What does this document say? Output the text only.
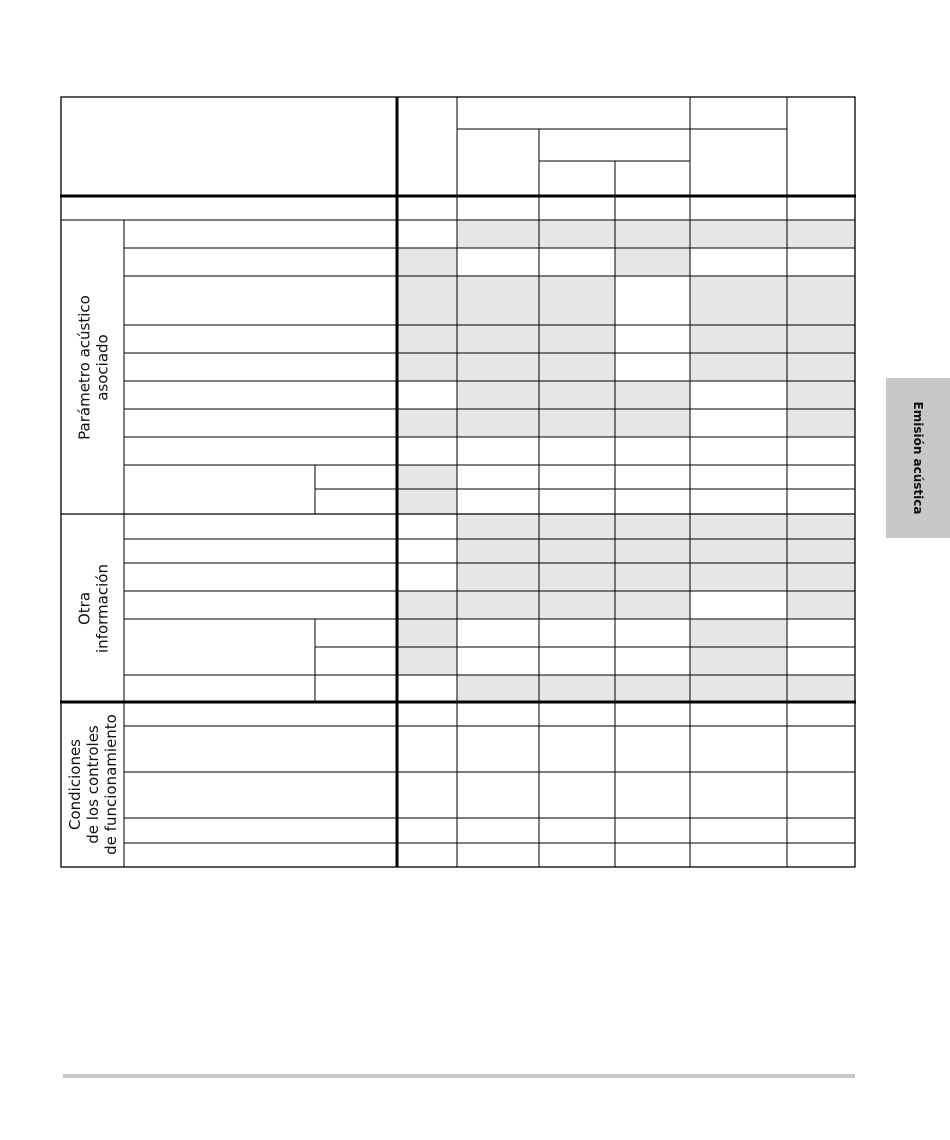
Parámetro acústico
asociado
Otra
información
Condiciones
de los controles
de funcionamiento
Emisión acústica
